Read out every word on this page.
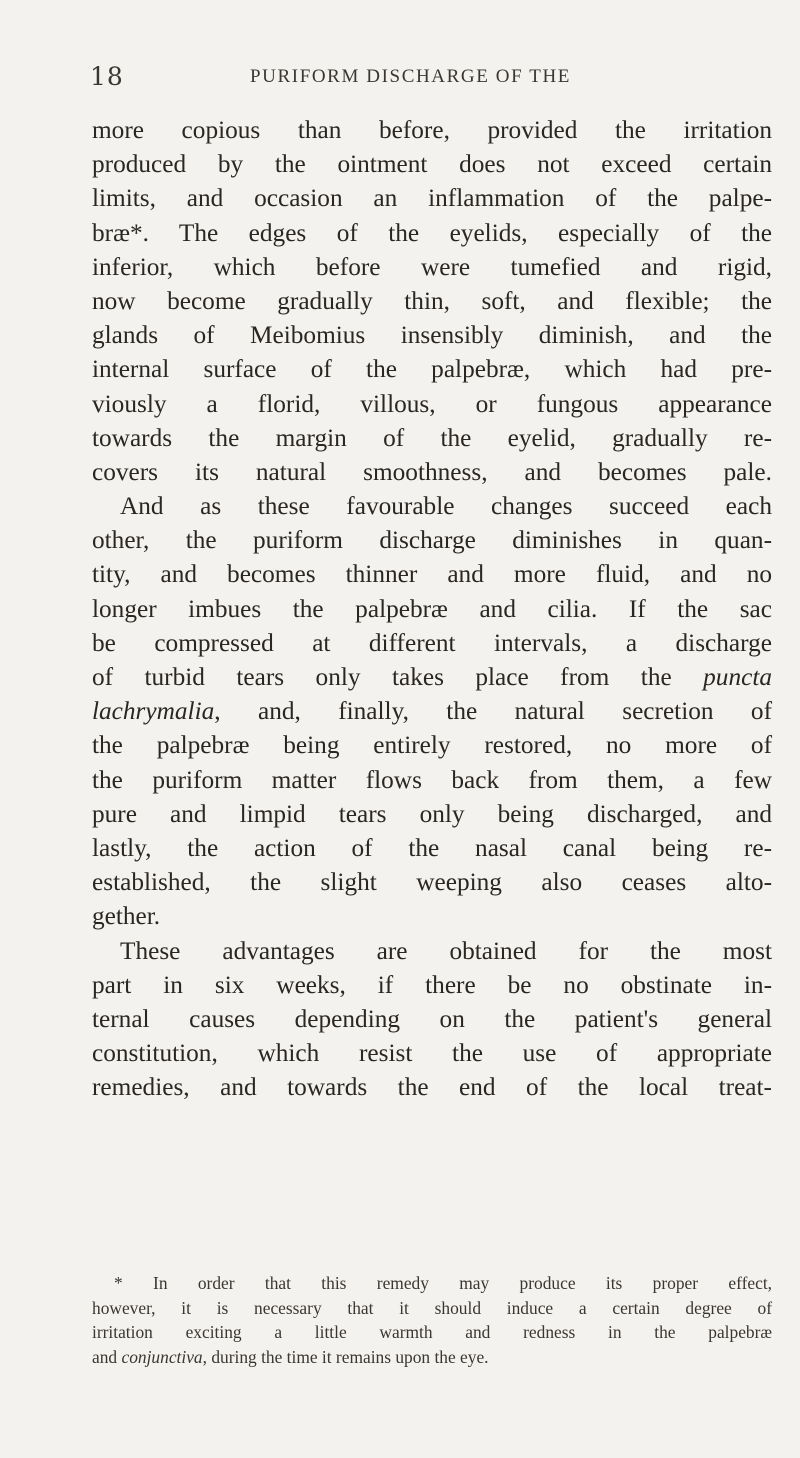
18	PURIFORM DISCHARGE OF THE
more copious than before, provided the irritation
produced by the ointment does not exceed certain
limits, and occasion an inflammation of the palpe-
bræ*. The edges of the eyelids, especially of the
inferior, which before were tumefied and rigid,
now become gradually thin, soft, and flexible; the
glands of Meibomius insensibly diminish, and the
internal surface of the palpebræ, which had pre-
viously a florid, villous, or fungous appearance
towards the margin of the eyelid, gradually re-
covers its natural smoothness, and becomes pale.
And as these favourable changes succeed each
other, the puriform discharge diminishes in quan-
tity, and becomes thinner and more fluid, and no
longer imbues the palpebræ and cilia. If the sac
be compressed at different intervals, a discharge
of turbid tears only takes place from the puncta
lachrymalia, and, finally, the natural secretion of
the palpebræ being entirely restored, no more of
the puriform matter flows back from them, a few
pure and limpid tears only being discharged, and
lastly, the action of the nasal canal being re-
established, the slight weeping also ceases alto-
gether.
These advantages are obtained for the most
part in six weeks, if there be no obstinate in-
ternal causes depending on the patient's general
constitution, which resist the use of appropriate
remedies, and towards the end of the local treat-
* In order that this remedy may produce its proper effect,
however, it is necessary that it should induce a certain degree of
irritation exciting a little warmth and redness in the palpebræ
and conjunctiva, during the time it remains upon the eye.
